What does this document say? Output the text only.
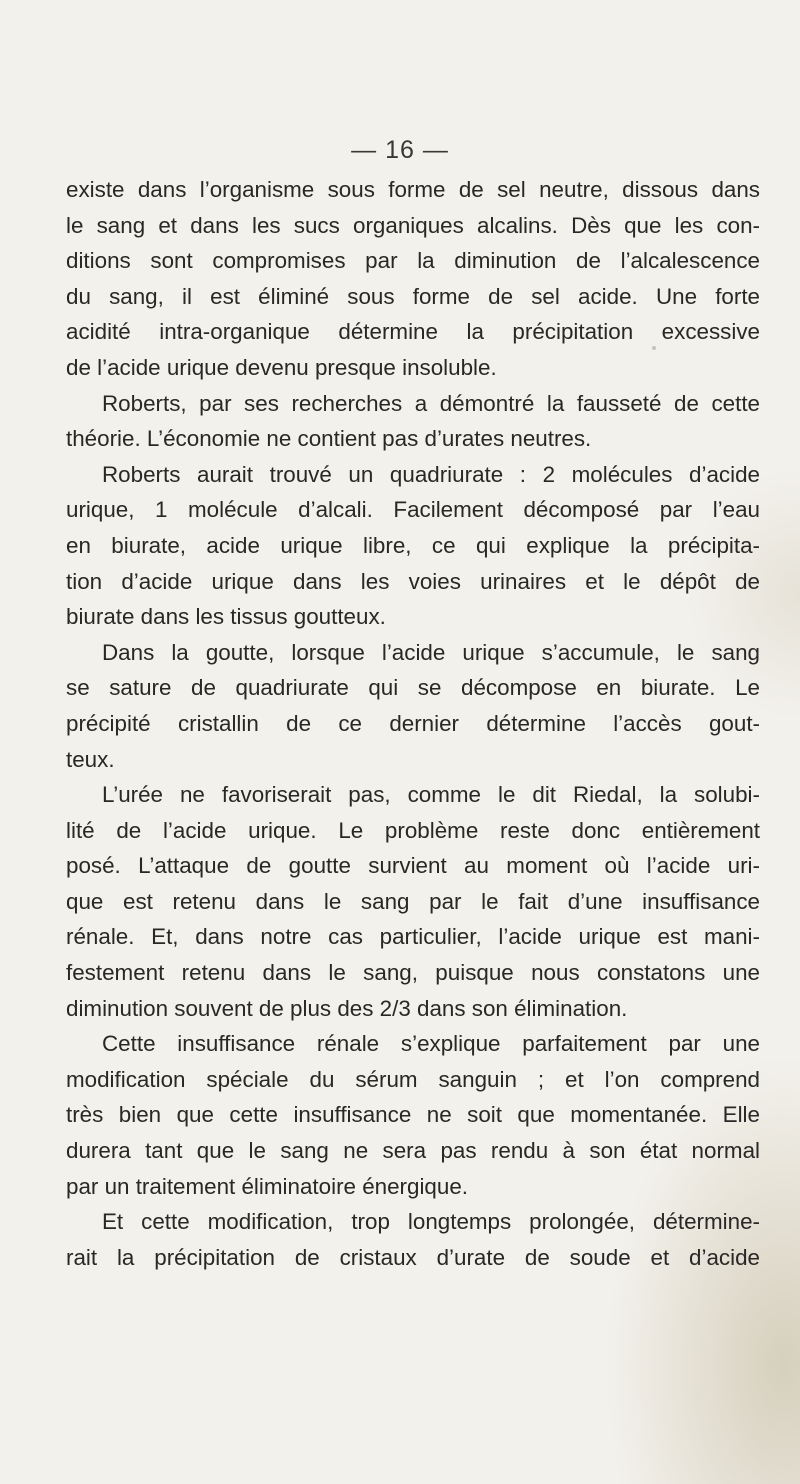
— 16 —
existe dans l’organisme sous forme de sel neutre, dissous dans
le sang et dans les sucs organiques alcalins. Dès que les con-
ditions sont compromises par la diminution de l’alcalescence
du sang, il est éliminé sous forme de sel acide. Une forte
acidité intra-organique détermine la précipitation excessive
de l’acide urique devenu presque insoluble.
Roberts, par ses recherches a démontré la fausseté de cette
théorie. L’économie ne contient pas d’urates neutres.
Roberts aurait trouvé un quadriurate : 2 molécules d’acide
urique, 1 molécule d’alcali. Facilement décomposé par l’eau
en biurate, acide urique libre, ce qui explique la précipita-
tion d’acide urique dans les voies urinaires et le dépôt de
biurate dans les tissus goutteux.
Dans la goutte, lorsque l’acide urique s’accumule, le sang
se sature de quadriurate qui se décompose en biurate. Le
précipité cristallin de ce dernier détermine l’accès gout-
teux.
L’urée ne favoriserait pas, comme le dit Riedal, la solubi-
lité de l’acide urique. Le problème reste donc entièrement
posé. L’attaque de goutte survient au moment où l’acide uri-
que est retenu dans le sang par le fait d’une insuffisance
rénale. Et, dans notre cas particulier, l’acide urique est mani-
festement retenu dans le sang, puisque nous constatons une
diminution souvent de plus des 2/3 dans son élimination.
Cette insuffisance rénale s’explique parfaitement par une
modification spéciale du sérum sanguin ; et l’on comprend
très bien que cette insuffisance ne soit que momentanée. Elle
durera tant que le sang ne sera pas rendu à son état normal
par un traitement éliminatoire énergique.
Et cette modification, trop longtemps prolongée, détermine-
rait la précipitation de cristaux d’urate de soude et d’acide
